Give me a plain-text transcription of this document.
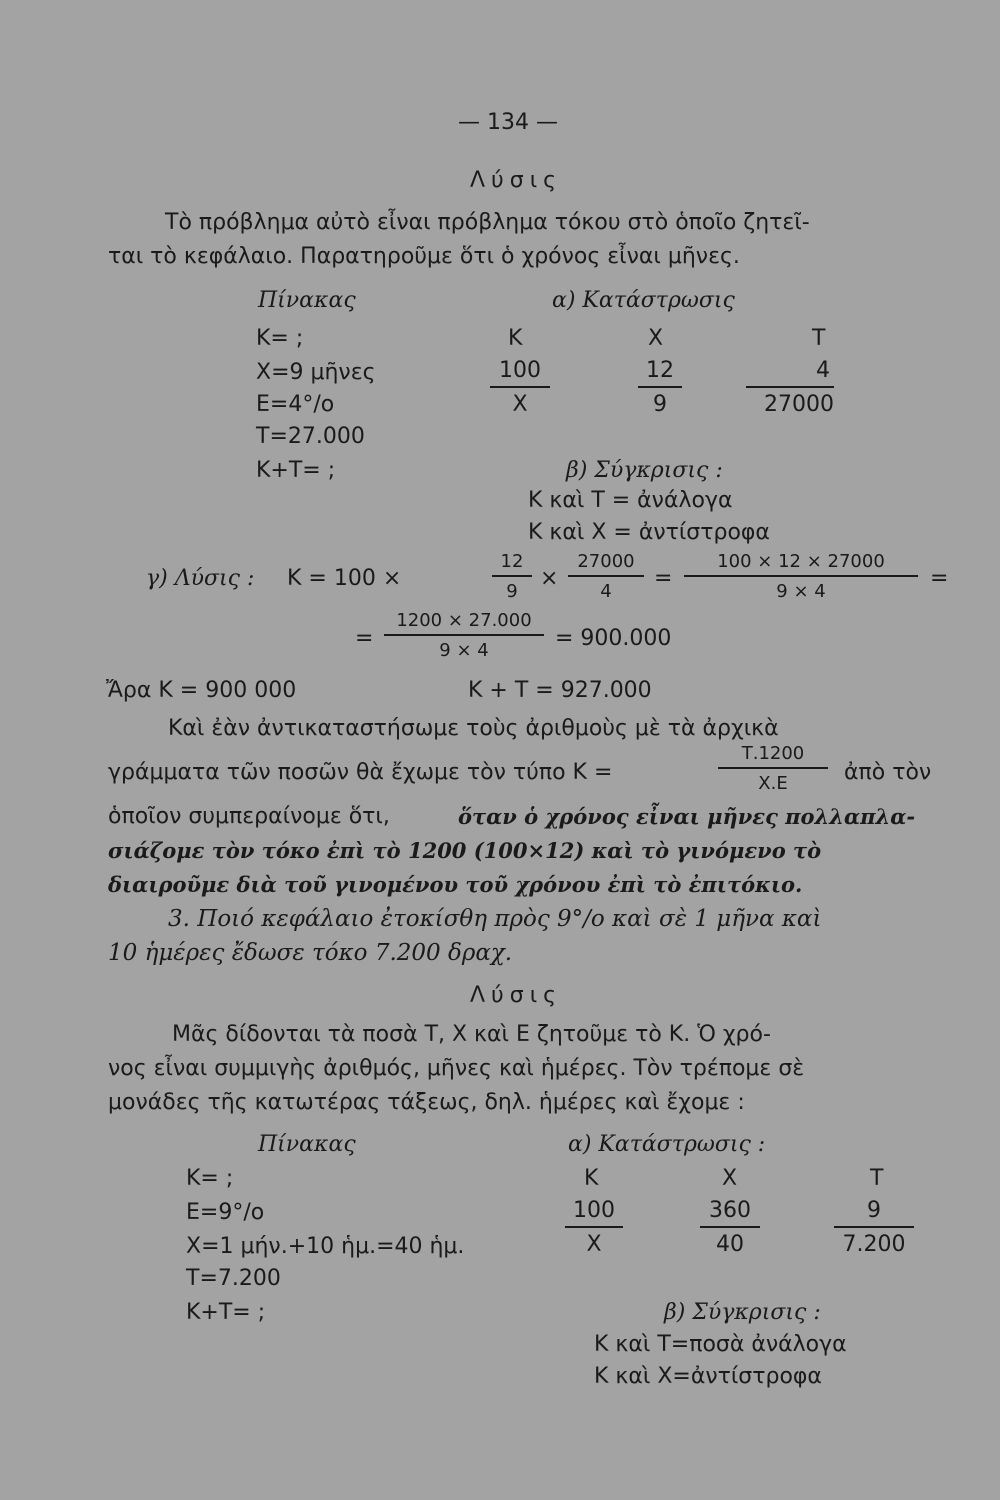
— 134 —
Λύσις
Τὸ πρόβλημα αὐτὸ εἶναι πρόβλημα τόκου στὸ ὁποῖο ζητεῖ-
ται τὸ κεφάλαιο. Παρατηροῦμε ὅτι ὁ χρόνος εἶναι μῆνες.
Πίνακας	α) Κατάστρωσις
Κ= ;
Χ=9 μῆνες
Ε=4°/ο
Τ=27.000
Κ+Τ= ;
Κ	Χ	Τ
$\frac{100}{X}$	$\frac{12}{9}$	$\frac{4}{27000}$
β) Σύγκρισις :
Κ καὶ Τ = ἀνάλογα
Κ καὶ Χ = ἀντίστροφα
γ) Λύσις : Κ = 100 ×	$\frac{12}{9} \times \frac{27000}{4} = \frac{100 \times 12 \times 27000}{9 \times 4}$ =
= $\frac{1200 \times 27.000}{9 \times 4} = 900.000$
Ἄρα Κ = 900 000	Κ + Τ = 927.000
Καὶ ἐὰν ἀντικαταστήσωμε τοὺς ἀριθμοὺς μὲ τὰ ἀρχικὰ
γράμματα τῶν ποσῶν θὰ ἔχωμε τὸν τύπο Κ =	$\frac{T.1200}{X.E}$ ἀπὸ τὸν
ὁποῖον συμπεραίνομε ὅτι,	ὅταν ὁ χρόνος εἶναι μῆνες πολλαπλα-
σιάζομε τὸν τόκο ἐπὶ τὸ 1200 (100×12) καὶ τὸ γινόμενο τὸ
διαιροῦμε διὰ τοῦ γινομένου τοῦ χρόνου ἐπὶ τὸ ἐπιτόκιο.
3. Ποιό κεφάλαιο ἐτοκίσθη πρὸς 9°/ο καὶ σὲ 1 μῆνα καὶ
10 ἡμέρες ἔδωσε τόκο 7.200 δραχ.
Λύσις
Μᾶς δίδονται τὰ ποσὰ Τ, Χ καὶ Ε ζητοῦμε τὸ Κ. Ὁ χρό-
νος εἶναι συμμιγὴς ἀριθμός, μῆνες καὶ ἡμέρες. Τὸν τρέπομε σὲ
μονάδες τῆς κατωτέρας τάξεως, δηλ. ἡμέρες καὶ ἔχομε :
Πίνακας	α) Κατάστρωσις :
Κ= ;
Ε=9°/ο
Χ=1 μήν.+10 ἡμ.=40 ἡμ.
Τ=7.200
Κ+Τ= ;
Κ	Χ	Τ
$\frac{100}{X}$	$\frac{360}{40}$	$\frac{9}{7.200}$
β) Σύγκρισις :
Κ καὶ Τ=ποσὰ ἀνάλογα
Κ καὶ Χ=ἀντίστροφα
